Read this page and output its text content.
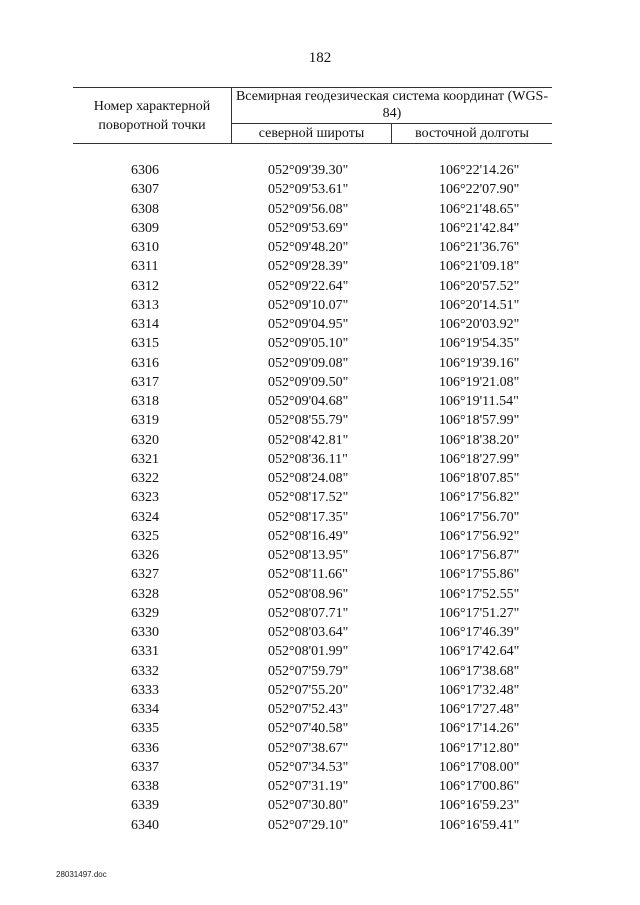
182
Номер характерной поворотной точки
Всемирная геодезическая система координат (WGS-84)
северной широты	восточной долготы
6306	052°09'39.30"	106°22'14.26"
6307	052°09'53.61"	106°22'07.90"
6308	052°09'56.08"	106°21'48.65"
6309	052°09'53.69"	106°21'42.84"
6310	052°09'48.20"	106°21'36.76"
6311	052°09'28.39"	106°21'09.18"
6312	052°09'22.64"	106°20'57.52"
6313	052°09'10.07"	106°20'14.51"
6314	052°09'04.95"	106°20'03.92"
6315	052°09'05.10"	106°19'54.35"
6316	052°09'09.08"	106°19'39.16"
6317	052°09'09.50"	106°19'21.08"
6318	052°09'04.68"	106°19'11.54"
6319	052°08'55.79"	106°18'57.99"
6320	052°08'42.81"	106°18'38.20"
6321	052°08'36.11"	106°18'27.99"
6322	052°08'24.08"	106°18'07.85"
6323	052°08'17.52"	106°17'56.82"
6324	052°08'17.35"	106°17'56.70"
6325	052°08'16.49"	106°17'56.92"
6326	052°08'13.95"	106°17'56.87"
6327	052°08'11.66"	106°17'55.86"
6328	052°08'08.96"	106°17'52.55"
6329	052°08'07.71"	106°17'51.27"
6330	052°08'03.64"	106°17'46.39"
6331	052°08'01.99"	106°17'42.64"
6332	052°07'59.79"	106°17'38.68"
6333	052°07'55.20"	106°17'32.48"
6334	052°07'52.43"	106°17'27.48"
6335	052°07'40.58"	106°17'14.26"
6336	052°07'38.67"	106°17'12.80"
6337	052°07'34.53"	106°17'08.00"
6338	052°07'31.19"	106°17'00.86"
6339	052°07'30.80"	106°16'59.23"
6340	052°07'29.10"	106°16'59.41"
28031497.doc
